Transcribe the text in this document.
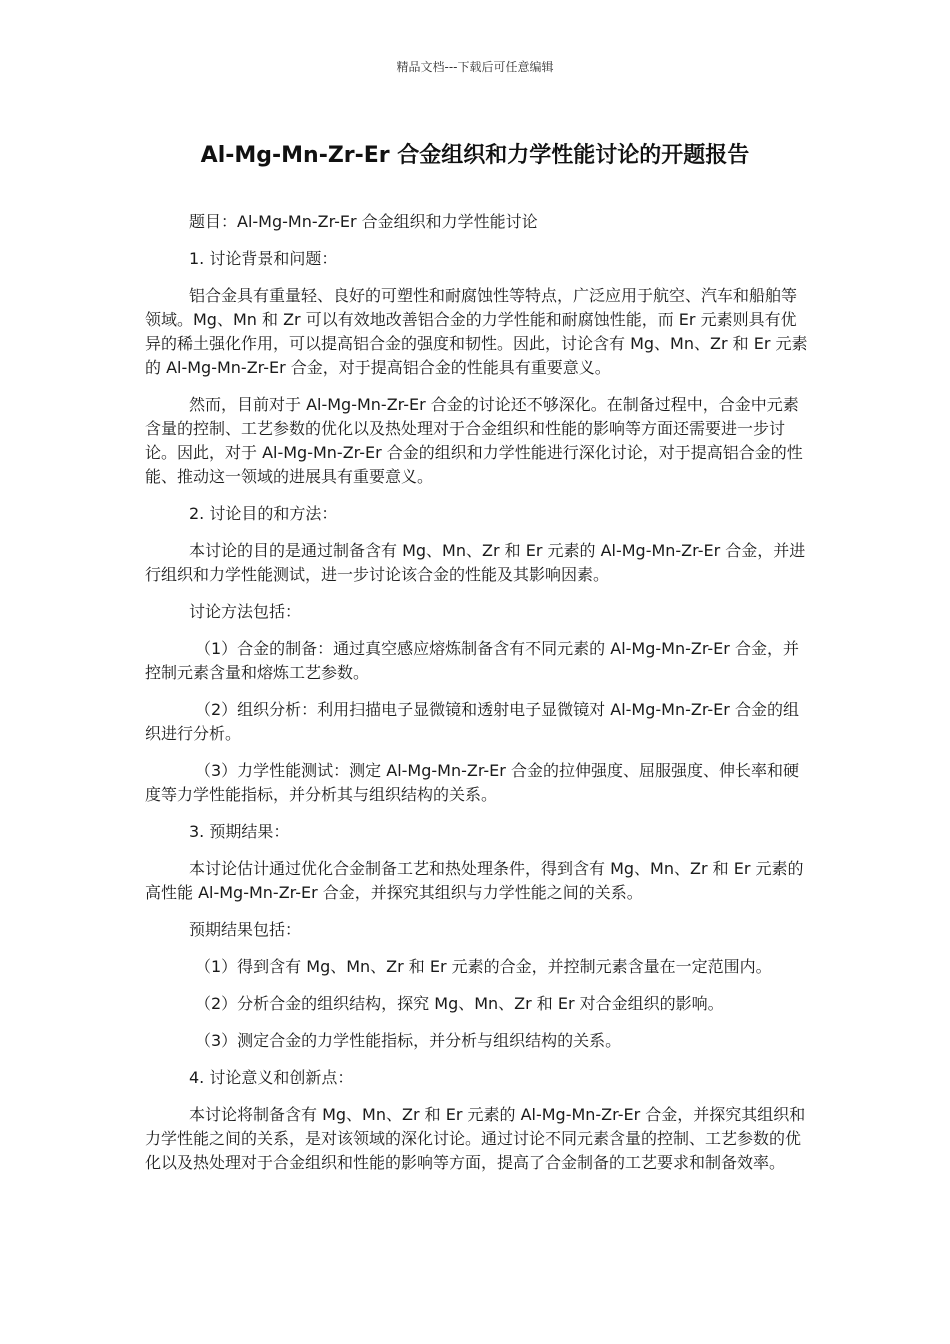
精品文档---下载后可任意编辑
Al-Mg-Mn-Zr-Er 合金组织和力学性能讨论的开题报告

题目：Al-Mg-Mn-Zr-Er 合金组织和力学性能讨论

1. 讨论背景和问题：

铝合金具有重量轻、良好的可塑性和耐腐蚀性等特点，广泛应用于航空、汽车和船舶等领域。Mg、Mn 和 Zr 可以有效地改善铝合金的力学性能和耐腐蚀性能，而 Er 元素则具有优异的稀土强化作用，可以提高铝合金的强度和韧性。因此，讨论含有 Mg、Mn、Zr 和 Er 元素的 Al-Mg-Mn-Zr-Er 合金，对于提高铝合金的性能具有重要意义。

然而，目前对于 Al-Mg-Mn-Zr-Er 合金的讨论还不够深化。在制备过程中，合金中元素含量的控制、工艺参数的优化以及热处理对于合金组织和性能的影响等方面还需要进一步讨论。因此，对于 Al-Mg-Mn-Zr-Er 合金的组织和力学性能进行深化讨论，对于提高铝合金的性能、推动这一领域的进展具有重要意义。

2. 讨论目的和方法：

本讨论的目的是通过制备含有 Mg、Mn、Zr 和 Er 元素的 Al-Mg-Mn-Zr-Er 合金，并进行组织和力学性能测试，进一步讨论该合金的性能及其影响因素。

讨论方法包括：

（1）合金的制备：通过真空感应熔炼制备含有不同元素的 Al-Mg-Mn-Zr-Er 合金，并控制元素含量和熔炼工艺参数。

（2）组织分析：利用扫描电子显微镜和透射电子显微镜对 Al-Mg-Mn-Zr-Er 合金的组织进行分析。

（3）力学性能测试：测定 Al-Mg-Mn-Zr-Er 合金的拉伸强度、屈服强度、伸长率和硬度等力学性能指标，并分析其与组织结构的关系。

3. 预期结果：

本讨论估计通过优化合金制备工艺和热处理条件，得到含有 Mg、Mn、Zr 和 Er 元素的高性能 Al-Mg-Mn-Zr-Er 合金，并探究其组织与力学性能之间的关系。

预期结果包括：

（1）得到含有 Mg、Mn、Zr 和 Er 元素的合金，并控制元素含量在一定范围内。

（2）分析合金的组织结构，探究 Mg、Mn、Zr 和 Er 对合金组织的影响。

（3）测定合金的力学性能指标，并分析与组织结构的关系。

4. 讨论意义和创新点：

本讨论将制备含有 Mg、Mn、Zr 和 Er 元素的 Al-Mg-Mn-Zr-Er 合金，并探究其组织和力学性能之间的关系，是对该领域的深化讨论。通过讨论不同元素含量的控制、工艺参数的优化以及热处理对于合金组织和性能的影响等方面，提高了合金制备的工艺要求和制备效率。
